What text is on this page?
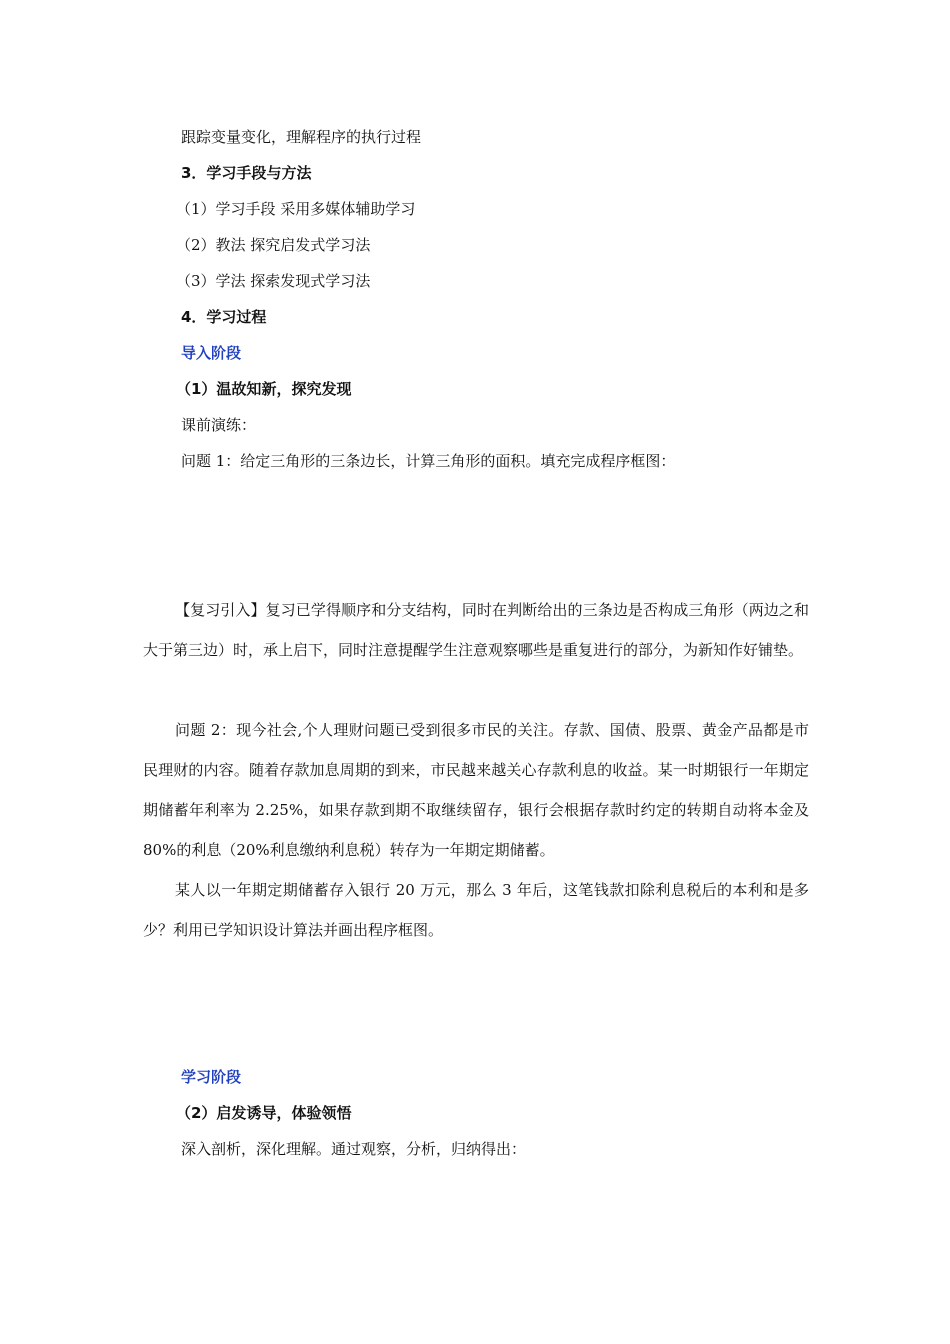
跟踪变量变化，理解程序的执行过程
3．学习手段与方法
（1）学习手段 采用多媒体辅助学习
（2）教法 探究启发式学习法
（3）学法 探索发现式学习法
4．学习过程
导入阶段
（1）温故知新，探究发现
课前演练：
问题 1：给定三角形的三条边长，计算三角形的面积。填充完成程序框图：
【复习引入】复习已学得顺序和分支结构，同时在判断给出的三条边是否构成三角形（两边之和大于第三边）时，承上启下，同时注意提醒学生注意观察哪些是重复进行的部分，为新知作好铺垫。
问题 2：现今社会,个人理财问题已受到很多市民的关注。存款、国债、股票、黄金产品都是市民理财的内容。随着存款加息周期的到来，市民越来越关心存款利息的收益。某一时期银行一年期定期储蓄年利率为 2.25%，如果存款到期不取继续留存，银行会根据存款时约定的转期自动将本金及 80%的利息（20%利息缴纳利息税）转存为一年期定期储蓄。
某人以一年期定期储蓄存入银行 20 万元，那么 3 年后，这笔钱款扣除利息税后的本利和是多少？利用已学知识设计算法并画出程序框图。
学习阶段
（2）启发诱导，体验领悟
深入剖析，深化理解。通过观察，分析，归纳得出：
